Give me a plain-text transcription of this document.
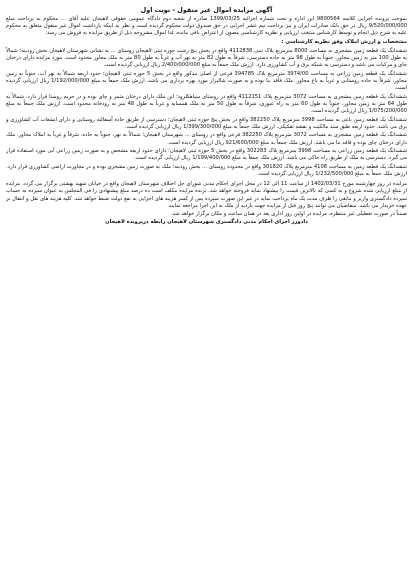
آگهی مزایده اموال غیر منقول - نوبت اول

بموجب پرونده اجرایی کلاسه 9800564 این اداره و تحت شماره اجرائیه 1399/03/25 صادره از شعبه دوم دادگاه عمومی حقوقی لاهیجان علیه آقای ... محکوم به پرداخت مبلغ 9/520/000/000 ریال در حق بانک صادرات ایران و نیز پرداخت نیم عشر اجرایی در حق صندوق دولت محکوم گردیده است و نظر به اینکه بازداشت اموال غیر منقول متعلق به محکوم علیه به شرح ذیل انجام و توسط کارشناس منتخب ارزیابی و نظریه کارشناسی مصون از اعتراض باقی مانده، لذا اموال مشروحه ذیل از طریق مزایده به فروش می رسد:

مشخصات و ارزش املاک وفق نظریه کارشناسی :

ششدانگ یک قطعه زمین مشجری به مساحت 8000 مترمربع پلاک ثبتی 4112838 واقع در بخش پنج رشت حوزه ثبتی لاهیجان روستای ... به نشانی شهرستان لاهیجان بخش رودبنه؛ شمالاً به طول 100 متر به زمین مجاور، جنوباً به طول 98 متر به جاده دسترسی، شرقاً به طول 82 متر به نهر آب و غرباً به طول 80 متر به ملک مجاور محدود است. مورد مزایده دارای درختان چای و مرکبات می باشد و دسترسی به شبکه برق و آب کشاورزی دارد. ارزش ملک جمعاً به مبلغ 2/400/000/000 ریال ارزیابی گردیده است.

ششدانگ یک قطعه زمین زراعی به مساحت 3974/00 مترمربع پلاک 394785 فرعی از اصلی مذکور واقع در بخش 5 حوزه ثبتی لاهیجان؛ حدود اربعه شمالاً به نهر آب، جنوباً به زمین مجاور، شرقاً به جاده روستایی و غرباً به باغ مجاور. ملک فاقد بنا بوده و به صورت شالیزار مورد بهره برداری می باشد. ارزش ملک جمعاً به مبلغ 1/192/000/000 ریال ارزیابی گردیده است.

ششدانگ یک قطعه زمین مشجری به مساحت 3072 مترمربع پلاک 4112151 واقع در روستای سیاهکلرود؛ این ملک دارای درختان مثمر و چای بوده و در حریم روستا قرار دارد. شمالاً به طول 64 متر به زمین مجاور، جنوباً به طول 60 متر به راه عبوری، شرقاً به طول 50 متر به ملک همسایه و غرباً به طول 48 متر به رودخانه محدود است. ارزش ملک جمعاً به مبلغ 1/075/200/000 ریال ارزیابی گردیده است.

ششدانگ یک قطعه زمین باغی به مساحت 3998 مترمربع پلاک 382250 واقع در بخش پنج حوزه ثبتی لاهیجان؛ دسترسی از طریق جاده آسفالته روستایی و دارای انشعاب آب کشاورزی و برق می باشد. حدود اربعه طبق سند مالکیت و نقشه تفکیکی. ارزش ملک جمعاً به مبلغ 1/399/300/000 ریال ارزیابی گردیده است.

ششدانگ یک قطعه زمین مشجری به مساحت 3072 مترمربع پلاک 382250 فرعی واقع در روستای ... شهرستان لاهیجان؛ شمالاً به نهر، جنوباً به جاده، شرقاً و غرباً به املاک مجاور. ملک دارای درختان چای بوده و فاقد بنا می باشد. ارزش ملک جمعاً به مبلغ 921/600/000 ریال ارزیابی گردیده است.

ششدانگ یک قطعه زمین زراعی به مساحت 3998 مترمربع پلاک 302283 واقع در بخش 5 حوزه ثبتی لاهیجان؛ دارای حدود اربعه مشخص و به صورت زمین زراعی آبی مورد استفاده قرار می گیرد. دسترسی به ملک از طریق راه خاکی می باشد. ارزش ملک جمعاً به مبلغ 1/199/400/000 ریال ارزیابی گردیده است.

ششدانگ یک قطعه زمین به مساحت 4108 مترمربع پلاک 301820 واقع در محدوده روستای ... بخش رودبنه؛ ملک به صورت زمین مشجری بوده و در مجاورت اراضی کشاورزی قرار دارد. ارزش ملک جمعاً به مبلغ 1/232/500/000 ریال ارزیابی گردیده است.

مزایده در روز چهارشنبه مورخ 1402/03/31 از ساعت 11 الی 12 در محل اجرای احکام مدنی شورای حل اختلاف شهرستان لاهیجان واقع در خیابان شهید بهشتی برگزار می گردد. مزایده از مبلغ ارزیابی شده شروع و به کسی که بالاترین قیمت را پیشنهاد نماید فروخته خواهد شد. برنده مزایده مکلف است ده درصد مبلغ پیشنهادی را فی المجلس به عنوان سپرده به حساب سپرده دادگستری واریز و مابقی را ظرف مدت یک ماه پرداخت نماید در غیر این صورت سپرده پس از کسر هزینه های اجرایی به نفع دولت ضبط خواهد شد. کلیه هزینه های نقل و انتقال بر عهده خریدار می باشد. متقاضیان می توانند پنج روز قبل از مزایده جهت بازدید از ملک به این اجرا مراجعه نمایند.

ضمناً در صورت تعطیلی غیر منتظره، مزایده در اولین روز اداری بعد در همان ساعت و مکان برگزار خواهد شد.

دادورز اجرای احکام مدنی دادگستری شهرستان لاهیجان رابطه درپرونده لاهیجان
